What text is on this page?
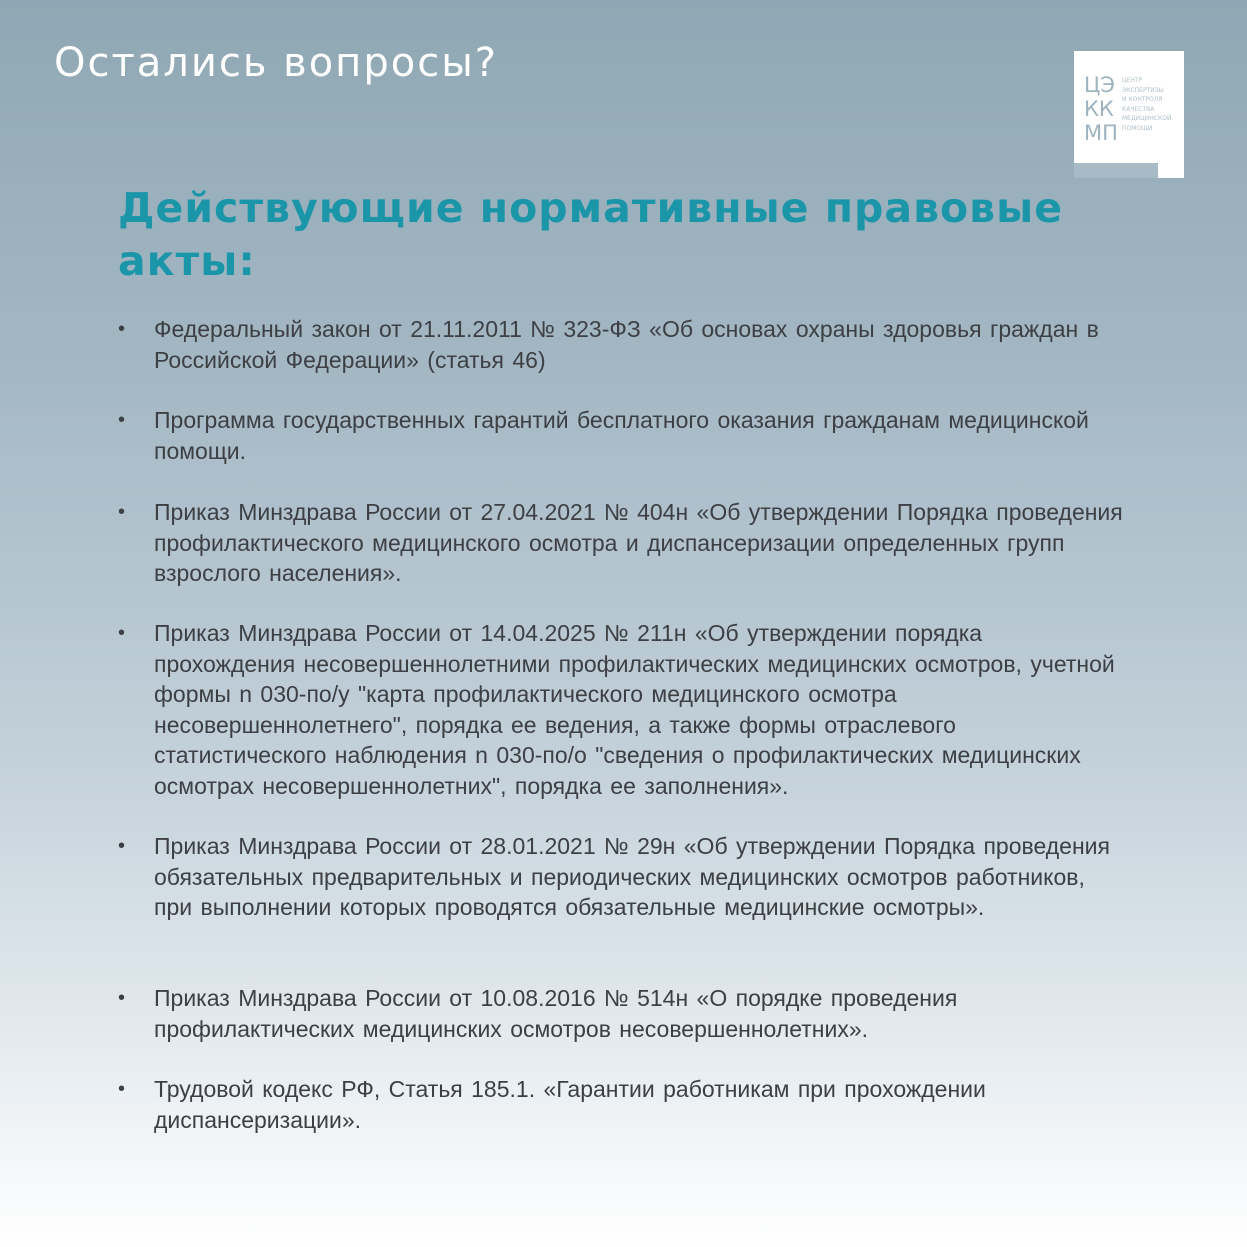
Остались вопросы?	ЦЭ
КК
МП
ЦЕНТР
ЭКСПЕРТИЗЫ
И КОНТРОЛЯ
КАЧЕСТВА
МЕДИЦИНСКОЙ
ПОМОЩИ
Действующие нормативные правовые акты:
• Федеральный закон от 21.11.2011 № 323-ФЗ «Об основах охраны здоровья граждан в Российской Федерации» (статья 46)
• Программа государственных гарантий бесплатного оказания гражданам медицинской помощи.
• Приказ Минздрава России от 27.04.2021 № 404н «Об утверждении Порядка проведения профилактического медицинского осмотра и диспансеризации определенных групп взрослого населения».
• Приказ Минздрава России от 14.04.2025 № 211н «Об утверждении порядка прохождения несовершеннолетними профилактических медицинских осмотров, учетной формы n 030-по/у "карта профилактического медицинского осмотра несовершеннолетнего", порядка ее ведения, а также формы отраслевого статистического наблюдения n 030-по/о "сведения о профилактических медицинских осмотрах несовершеннолетних", порядка ее заполнения».
• Приказ Минздрава России от 28.01.2021 № 29н «Об утверждении Порядка проведения обязательных предварительных и периодических медицинских осмотров работников, при выполнении которых проводятся обязательные медицинские осмотры».
• Приказ Минздрава России от 10.08.2016 № 514н «О порядке проведения профилактических медицинских осмотров несовершеннолетних».
• Трудовой кодекс РФ, Статья 185.1. «Гарантии работникам при прохождении диспансеризации».
